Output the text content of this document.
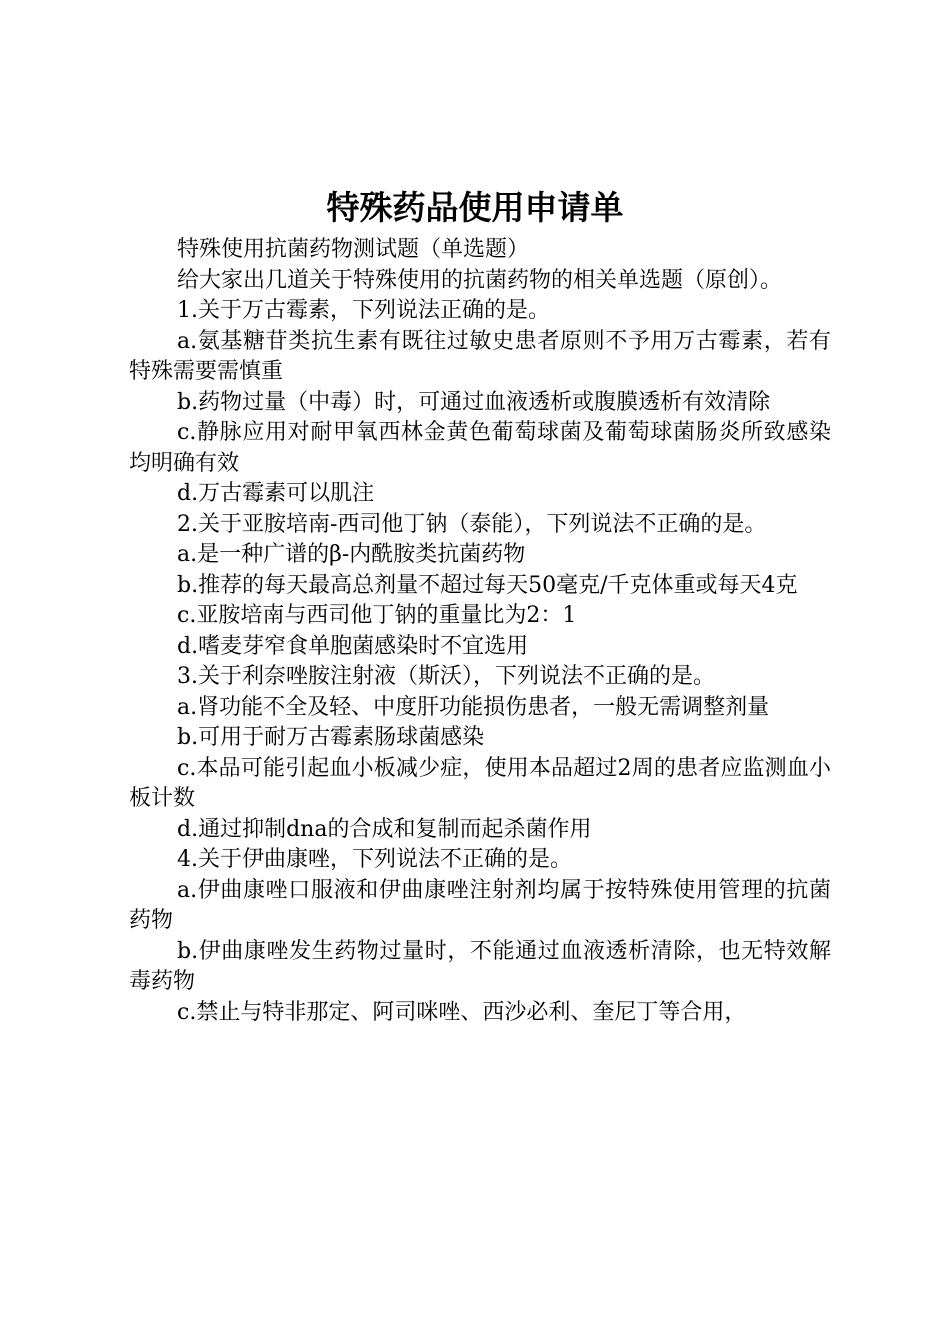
特殊药品使用申请单

特殊使用抗菌药物测试题（单选题）

给大家出几道关于特殊使用的抗菌药物的相关单选题（原创）。

1.关于万古霉素，下列说法正确的是。

a.氨基糖苷类抗生素有既往过敏史患者原则不予用万古霉素，若有特殊需要需慎重

b.药物过量（中毒）时，可通过血液透析或腹膜透析有效清除

c.静脉应用对耐甲氧西林金黄色葡萄球菌及葡萄球菌肠炎所致感染均明确有效

d.万古霉素可以肌注

2.关于亚胺培南-西司他丁钠（泰能），下列说法不正确的是。

a.是一种广谱的β-内酰胺类抗菌药物

b.推荐的每天最高总剂量不超过每天50毫克/千克体重或每天4克

c.亚胺培南与西司他丁钠的重量比为2：1

d.嗜麦芽窄食单胞菌感染时不宜选用

3.关于利奈唑胺注射液（斯沃），下列说法不正确的是。

a.肾功能不全及轻、中度肝功能损伤患者，一般无需调整剂量

b.可用于耐万古霉素肠球菌感染

c.本品可能引起血小板减少症，使用本品超过2周的患者应监测血小板计数

d.通过抑制dna的合成和复制而起杀菌作用

4.关于伊曲康唑，下列说法不正确的是。

a.伊曲康唑口服液和伊曲康唑注射剂均属于按特殊使用管理的抗菌药物

b.伊曲康唑发生药物过量时，不能通过血液透析清除，也无特效解毒药物

c.禁止与特非那定、阿司咪唑、西沙必利、奎尼丁等合用，
